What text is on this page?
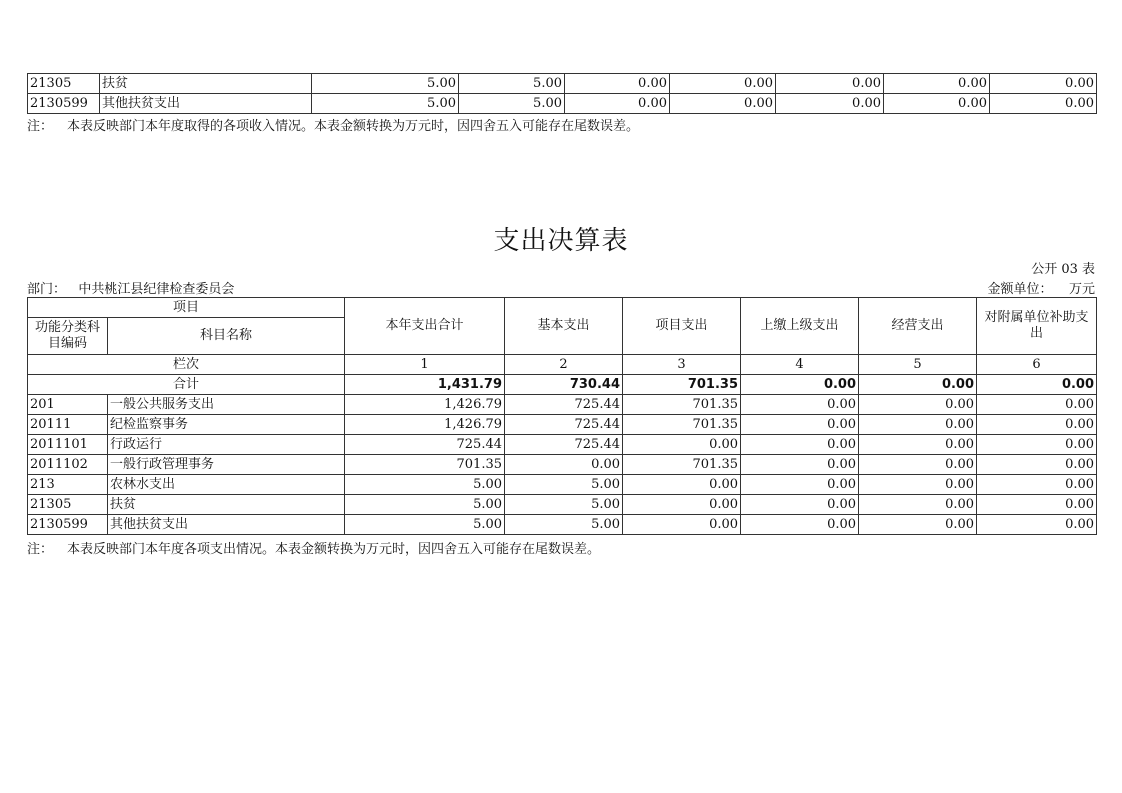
21305	扶贫	5.00	5.00	0.00	0.00	0.00	0.00	0.00
2130599	其他扶贫支出	5.00	5.00	0.00	0.00	0.00	0.00	0.00
注： 本表反映部门本年度取得的各项收入情况。本表金额转换为万元时，因四舍五入可能存在尾数误差。
支出决算表
公开 03 表
部门： 中共桃江县纪律检查委员会	金额单位： 万元
项目		本年支出合计	基本支出	项目支出	上缴上级支出	经营支出	对附属单位补助支出
功能分类科目编码	科目名称						
栏次		1	2	3	4	5	6
合计		1,431.79	730.44	701.35	0.00	0.00	0.00
201	一般公共服务支出	1,426.79	725.44	701.35	0.00	0.00	0.00
20111	纪检监察事务	1,426.79	725.44	701.35	0.00	0.00	0.00
2011101	行政运行	725.44	725.44	0.00	0.00	0.00	0.00
2011102	一般行政管理事务	701.35	0.00	701.35	0.00	0.00	0.00
213	农林水支出	5.00	5.00	0.00	0.00	0.00	0.00
21305	扶贫	5.00	5.00	0.00	0.00	0.00	0.00
2130599	其他扶贫支出	5.00	5.00	0.00	0.00	0.00	0.00
注： 本表反映部门本年度各项支出情况。本表金额转换为万元时，因四舍五入可能存在尾数误差。
